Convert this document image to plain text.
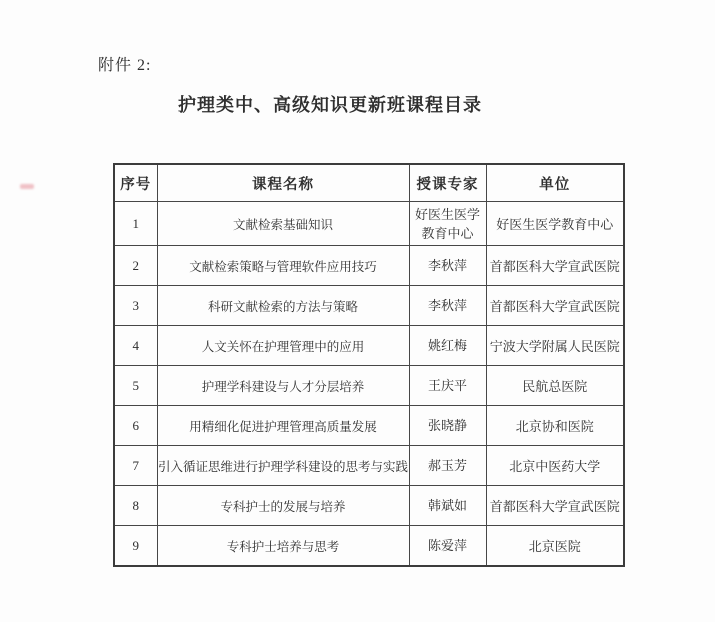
附件 2:
护理类中、高级知识更新班课程目录
序号	课程名称	授课专家	单位
1	文献检索基础知识	好医生医学教育中心	好医生医学教育中心
2	文献检索策略与管理软件应用技巧	李秋萍	首都医科大学宣武医院
3	科研文献检索的方法与策略	李秋萍	首都医科大学宣武医院
4	人文关怀在护理管理中的应用	姚红梅	宁波大学附属人民医院
5	护理学科建设与人才分层培养	王庆平	民航总医院
6	用精细化促进护理管理高质量发展	张晓静	北京协和医院
7	引入循证思维进行护理学科建设的思考与实践	郝玉芳	北京中医药大学
8	专科护士的发展与培养	韩斌如	首都医科大学宣武医院
9	专科护士培养与思考	陈爱萍	北京医院
